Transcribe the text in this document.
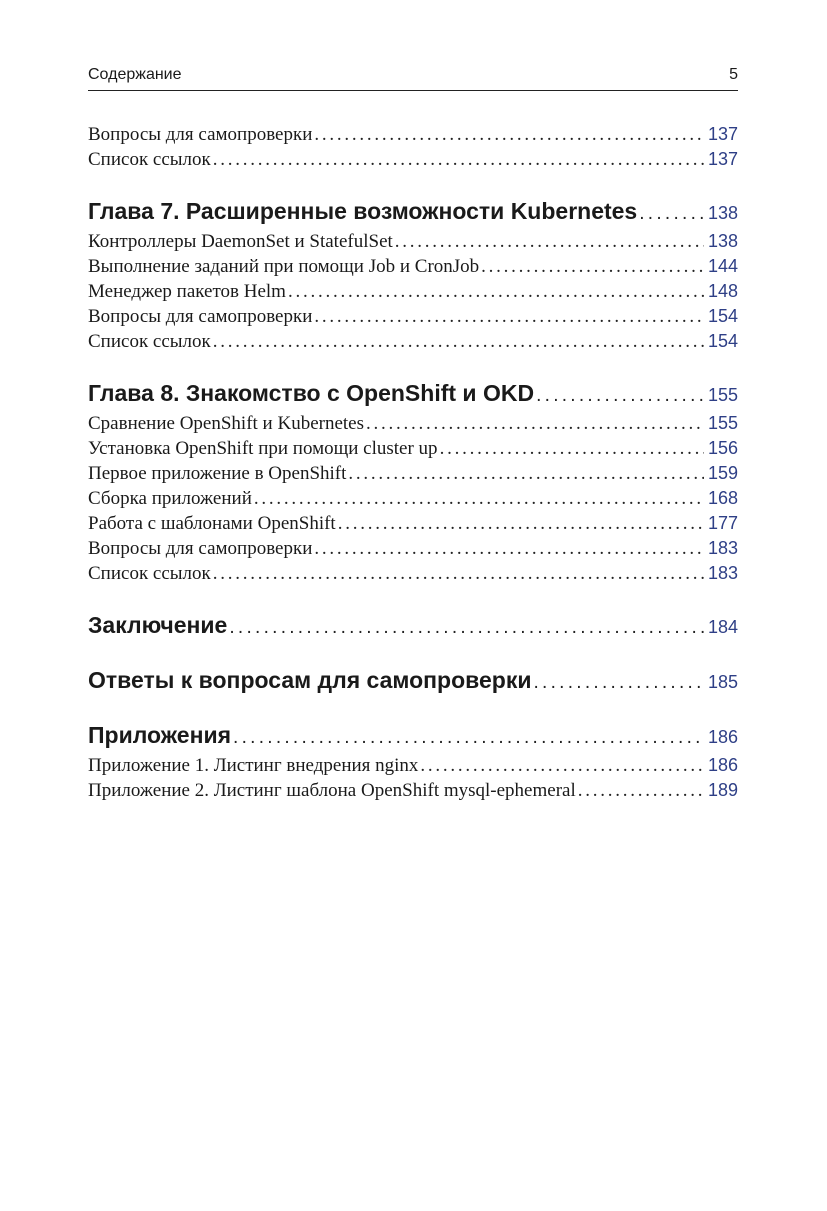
Содержание	5
Вопросы для самопроверки . . .	137
Список ссылок . . .	137
Глава 7. Расширенные возможности Kubernetes . . .	138
Контроллеры DaemonSet и StatefulSet . . .	138
Выполнение заданий при помощи Job и CronJob . . .	144
Менеджер пакетов Helm . . .	148
Вопросы для самопроверки . . .	154
Список ссылок . . .	154
Глава 8. Знакомство с OpenShift и OKD . . .	155
Сравнение OpenShift и Kubernetes . . .	155
Установка OpenShift при помощи cluster up . . .	156
Первое приложение в OpenShift . . .	159
Сборка приложений . . .	168
Работа с шаблонами OpenShift . . .	177
Вопросы для самопроверки . . .	183
Список ссылок . . .	183
Заключение . . .	184
Ответы к вопросам для самопроверки . . .	185
Приложения . . .	186
Приложение 1. Листинг внедрения nginx . . .	186
Приложение 2. Листинг шаблона OpenShift mysql-ephemeral . . .	189
